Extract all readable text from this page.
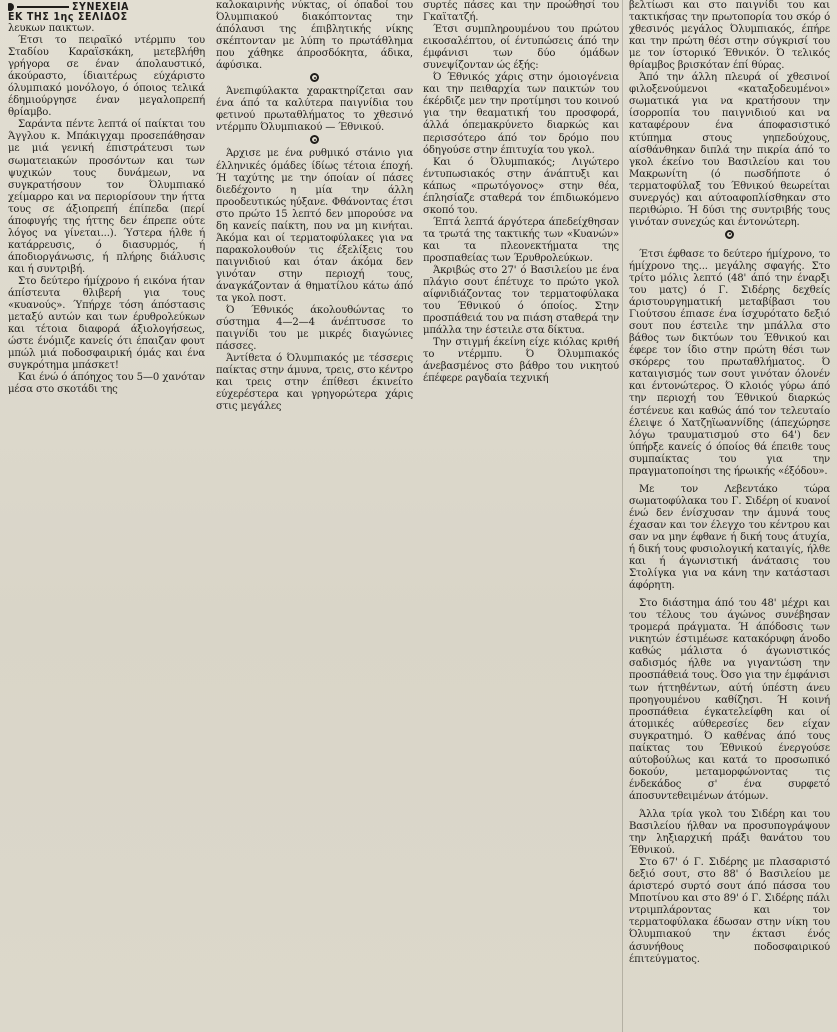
ΣΥΝΕΧΕΙΑ
ΕΚ ΤΗΣ 1ης ΣΕΛΙΔΟΣ

λευκων παικτων.

Έτσι το πειραϊκό ντέρμπυ του Σταδίου Καραϊσκάκη, μετεβλήθη γρήγορα σε έναν άπολαυστικό, άκούραστο, ίδιαιτέρως εύχάριστο όλυμπιακό μονόλογο, ό όποιος τελικά έδημιούργησε έναν μεγαλοπρεπή θρίαμβο.

Σαράντα πέντε λεπτά οί παίκται του Άγγλου κ. Μπάκιγχαμ προσεπάθησαν με μιά γενική έπιστράτευσι των σωματειακών προσόντων και των ψυχικών τους δυνάμεων, να συγκρατήσουν τον Όλυμπιακό χείμαρρο και να περιορίσουν την ήττα τους σε άξιοπρεπή έπίπεδα (περί άποφυγής της ήττης δεν έπρεπε ούτε λόγος να γίνεται...). Ύστερα ήλθε ή κατάρρευσις, ό διασυρμός, ή άποδιοργάνωσις, ή πλήρης διάλυσις και ή συντριβή.

Στο δεύτερο ήμίχρονο ή εικόνα ήταν άπίστευτα θλιβερή για τους «κυανούς». Ύπήρχε τόση άπόστασις μεταξύ αυτών και των έρυθρολεύκων και τέτοια διαφορά άξιολογήσεως, ώστε ένόμιζε κανείς ότι έπαιζαν φουτ μπώλ μιά ποδοσφαιρική όμάς και ένα συγκρότημα μπάσκετ!

Και ένώ ό άπόηχος του 5—0 χανόταν μέσα στο σκοτάδι της

καλοκαιρινής νύκτας, οί όπαδοί του Όλυμπιακού διακόπτοντας την άπόλαυσι της έπιβλητικής νίκης σκέπτονταν με λύπη το πρωτάθλημα που χάθηκε άπροσδόκητα, άδικα, άφύσικα.

Άνεπιφύλακτα χαρακτηρίζεται σαν ένα άπό τα καλύτερα παιγνίδια του φετινού πρωταθλήματος το χθεσινό ντέρμπυ Όλυμπιακού — Έθνικού.

Άρχισε με ένα ρυθμικό στάνιο για έλληνικές όμάδες ίδίως τέτοια έποχή. Ή ταχύτης με την όποίαν οί πάσες διεδέχοντο η μία την άλλη προοδευτικώς ηύξανε. Φθάνοντας έτσι στο πρώτο 15 λεπτό δεν μπορούσε να δη κανείς παίκτη, που να μη κινήται. Άκόμα και οί τερματοφύλακες για να παρακολουθούν τις έξελίξεις του παιγνιδιού και όταν άκόμα δεν γινόταν στην περιοχή τους, άναγκάζονταν ά θηματίλου κάτω άπό τα γκολ ποστ.

Ό Έθνικός άκολουθώντας το σύστημα 4—2—4 άνέπτυσσε το παιγνίδι του με μικρές διαγώνιες πάσσες.

Άντίθετα ό Όλυμπιακός με τέσσερις παίκτας στην άμυνα, τρεις, στο κέντρο και τρεις στην έπίθεσι έκινείτο εύχερέστερα και γρηγορώτερα χάρις στις μεγάλες

συρτές πάσες και την προώθησί του Γκαϊτατζή.

Έτσι συμπληρουμένου του πρώτου εικοσαλέπτου, οί έντυπώσεις άπό την έμφάνισι των δύο όμάδων συνεψίζονταν ώς έξής:

Ό Έθνικός χάρις στην όμοιογένεια και την πειθαρχία των παικτών του έκέρδιζε μεν την προτίμησι του κοινού για την θεαματική του προσφορά, άλλά όπεμακρύνετο διαρκώς και περισσότερο άπό τον δρόμο που όδηγούσε στην έπιτυχία του γκολ.

Και ό Όλυμπιακός; Λιγώτερο έντυπωσιακός στην άνάπτυξι και κάπως «πρωτόγονος» στην θέα, έπλησίαζε σταθερά τον έπιδιωκόμενο σκοπό του.

Έπτά λεπτά άργότερα άπεδείχθησαν τα τρωτά της τακτικής των «Κυανών» και τα πλεονεκτήματα της προσπαθείας των Έρυθρολεύκων.

Άκριβώς στο 27' ό Βασιλείου με ένα πλάγιο σουτ έπέτυχε το πρώτο γκολ αίφνιδιάζοντας τον τερματοφύλακα του Έθνικού ό όποίος. Στην προσπάθειά του να πιάση σταθερά την μπάλλα την έστειλε στα δίκτυα.

Την στιγμή έκείνη είχε κιόλας κριθή το ντέρμπυ. Ό Όλυμπιακός άνεβασμένος στο βάθρο του νικητού έπέφερε ραγδαία τεχνική

βελτίωσι και στο παιγνίδι του και τακτικήσας την πρωτοπορία του σκόρ ό χθεσινός μεγάλος Όλυμπιακός, έπήρε και την πρώτη θέσι στην σύγκρισί του με τον ίστορικό Έθνικόν. Ό τελικός θρίαμβος βρισκόταν έπί θύρας.

Άπό την άλλη πλευρά οί χθεσινοί φιλοξενούμενοι «καταξοδευμένοι» σωματικά για να κρατήσουν την ίσορροπία του παιγνιδιού και να καταφέρουν ένα άποφασιστικό κτύπημα στους γηπεδούχους, αίσθάνθηκαν διπλά την πικρία άπό το γκολ έκείνο του Βασιλείου και του Μακρωνίτη (ό πωσδήποτε ό τερματοφύλαξ του Έθνικού θεωρείται συνεργός) και αύτοαφοπλίσθηκαν στο περιθώριο. Ή δύσι της συντριβής τους γινόταν συνεχώς και έντονώτερη.

Έτσι έφθασε το δεύτερο ήμίχρονο, το ήμίχρονο της... μεγάλης σφαγής. Στο τρίτο μόλις λεπτό (48' άπό την έναρξι του ματς) ό Γ. Σιδέρης δεχθείς άριστουργηματική μεταβίβασι του Γιούτσου έπιασε ένα ίσχυρότατο δεξιό σουτ που έστειλε την μπάλλα στο βάθος των δικτύων του Έθνικού και έφερε τον ίδιο στην πρώτη θέσι των σκόρερς του πρωταθλήματος. Ό καταιγισμός των σουτ γινόταν όλονέν και έντονώτερος. Ό κλοιός γύρω άπό την περιοχή του Έθνικού διαρκώς έστένευε και καθώς άπό τον τελευταίο έλειψε ό Χατζηϊωαννίδης (άπεχώρησε λόγω τραυματισμού στο 64') δεν ύπήρξε κανείς ό όποίος θά έπειθε τους συμπαίκτας του για την πραγματοποίησι της ήρωικής «έξόδου».

Με τον Λεβεντάκο τώρα σωματοφύλακα του Γ. Σιδέρη οί κυανοί ένώ δεν ένίσχυσαν την άμυνά τους έχασαν και τον έλεγχο του κέντρου και σαν να μην έφθανε ή δική τους άτυχία, ή δική τους φυσιολογική καταιγίς, ήλθε και ή άγωνιστική άνάτασις του Στολίγκα για να κάνη την κατάστασι άφόρητη.

Στο διάστημα άπό του 48' μέχρι και του τέλους του άγώνος συνέβησαν τρομερά πράγματα. Ή άπόδοσις των νικητών έστιμέωσε κατακόρυφη άνοδο καθώς μάλιστα ό άγωνιστικός σαδισμός ήλθε να γιγαντώση την προσπάθειά τους. Όσο για την έμφάνισι των ήττηθέντων, αύτή ύπέστη άνευ προηγουμένου καθίζησι. Ή κοινή προσπάθεια έγκατελείφθη και οί άτομικές αύθερεσίες δεν είχαν συγκρατημό. Ό καθένας άπό τους παίκτας του Έθνικού ένεργούσε αύτοβούλως και κατά το προσωπικό δοκούν, μεταμορφώνοντας τις ένδεκάδος σ' ένα συρφετό άποσυντεθειμένων άτόμων.

Άλλα τρία γκολ του Σιδέρη και του Βασιλείου ήλθαν να προσυπογράψουν την ληξιαρχική πράξι θανάτου του Έθνικού.

Στο 67' ό Γ. Σιδέρης με πλασαριστό δεξιό σουτ, στο 88' ό Βασιλείου με άριστερό συρτό σουτ άπό πάσσα του Μποτίνου και στο 89' ό Γ. Σιδέρης πάλι ντριμπλάροντας και τον τερματοφύλακα έδωσαν στην νίκη του Όλυμπιακού την έκτασι ένός άσυνήθους ποδοσφαιρικού έπιτεύγματος.
